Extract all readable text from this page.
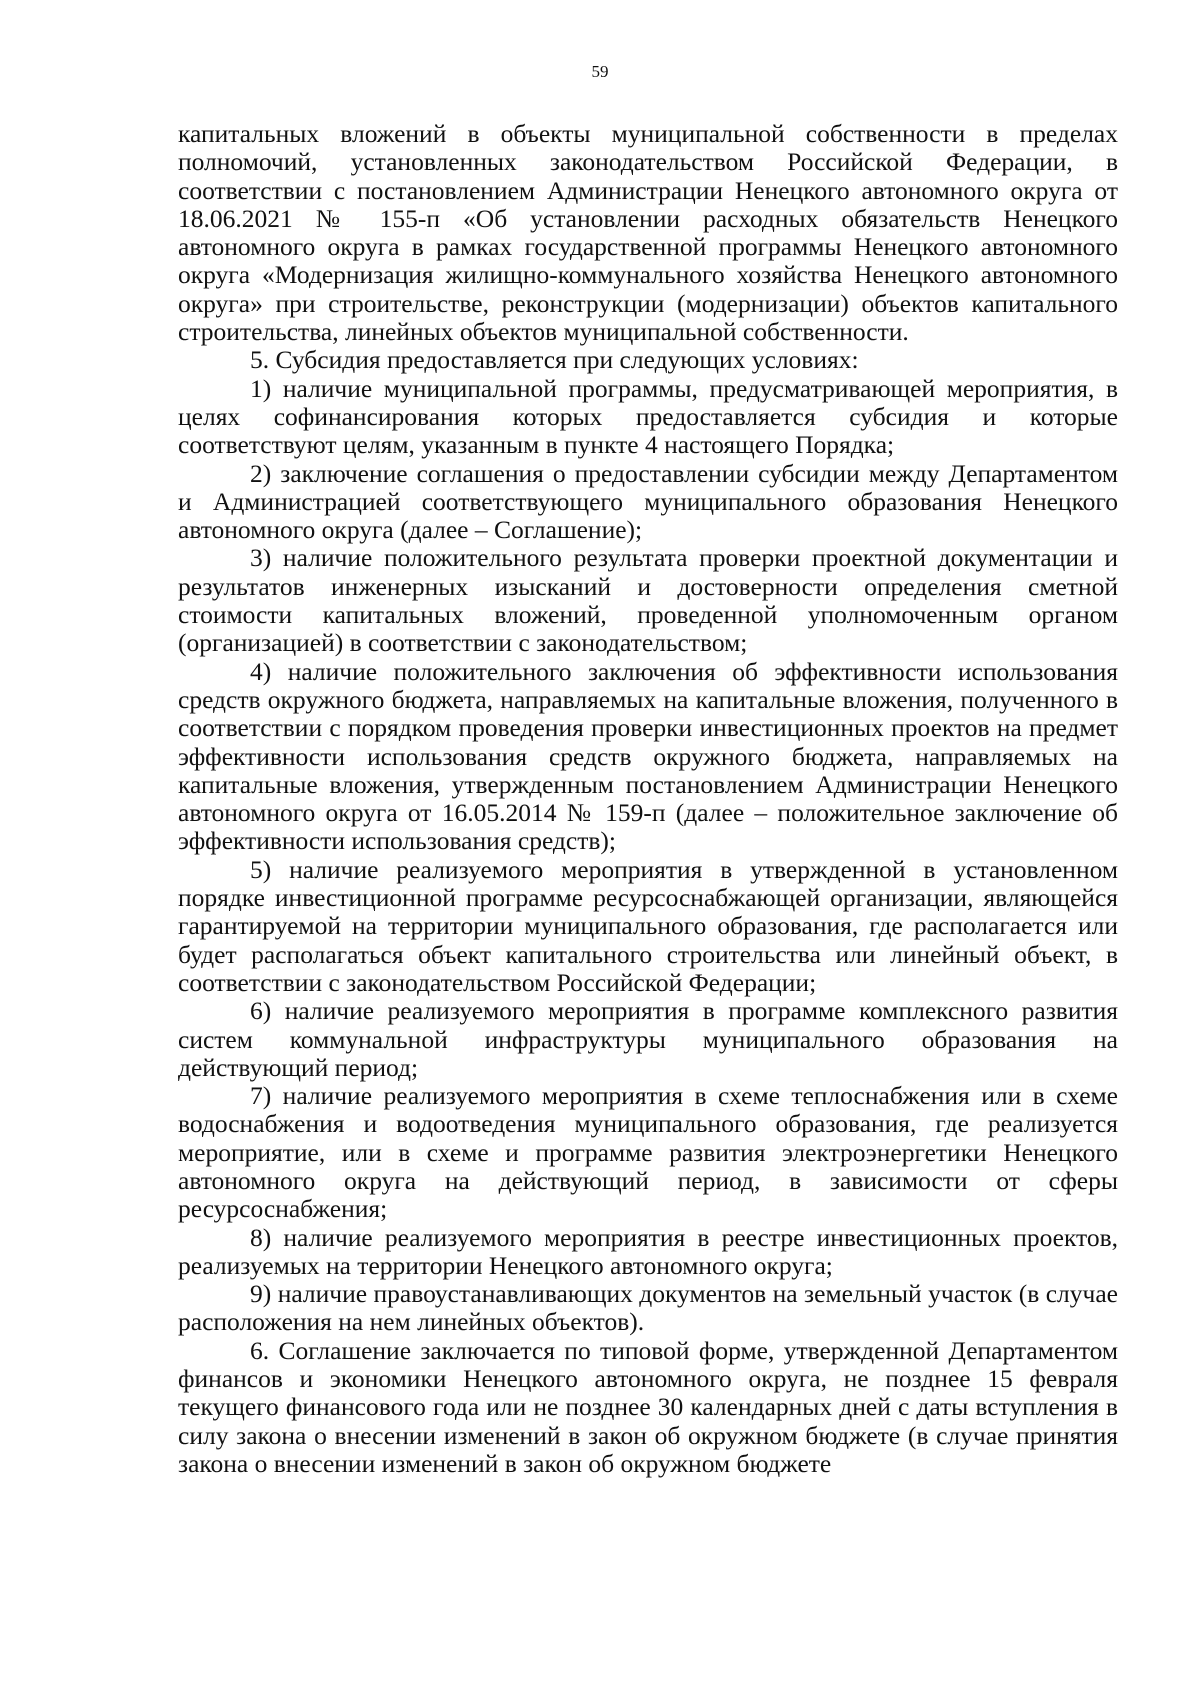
59

капитальных вложений в объекты муниципальной собственности в пределах полномочий, установленных законодательством Российской Федерации, в соответствии с постановлением Администрации Ненецкого автономного округа от 18.06.2021 № 155-п «Об установлении расходных обязательств Ненецкого автономного округа в рамках государственной программы Ненецкого автономного округа «Модернизация жилищно-коммунального хозяйства Ненецкого автономного округа» при строительстве, реконструкции (модернизации) объектов капитального строительства, линейных объектов муниципальной собственности.

5. Субсидия предоставляется при следующих условиях:

1) наличие муниципальной программы, предусматривающей мероприятия, в целях софинансирования которых предоставляется субсидия и которые соответствуют целям, указанным в пункте 4 настоящего Порядка;

2) заключение соглашения о предоставлении субсидии между Департаментом и Администрацией соответствующего муниципального образования Ненецкого автономного округа (далее – Соглашение);

3) наличие положительного результата проверки проектной документации и результатов инженерных изысканий и достоверности определения сметной стоимости капитальных вложений, проведенной уполномоченным органом (организацией) в соответствии с законодательством;

4) наличие положительного заключения об эффективности использования средств окружного бюджета, направляемых на капитальные вложения, полученного в соответствии с порядком проведения проверки инвестиционных проектов на предмет эффективности использования средств окружного бюджета, направляемых на капитальные вложения, утвержденным постановлением Администрации Ненецкого автономного округа от 16.05.2014 № 159-п (далее – положительное заключение об эффективности использования средств);

5) наличие реализуемого мероприятия в утвержденной в установленном порядке инвестиционной программе ресурсоснабжающей организации, являющейся гарантируемой на территории муниципального образования, где располагается или будет располагаться объект капитального строительства или линейный объект, в соответствии с законодательством Российской Федерации;

6) наличие реализуемого мероприятия в программе комплексного развития систем коммунальной инфраструктуры муниципального образования на действующий период;

7) наличие реализуемого мероприятия в схеме теплоснабжения или в схеме водоснабжения и водоотведения муниципального образования, где реализуется мероприятие, или в схеме и программе развития электроэнергетики Ненецкого автономного округа на действующий период, в зависимости от сферы ресурсоснабжения;

8) наличие реализуемого мероприятия в реестре инвестиционных проектов, реализуемых на территории Ненецкого автономного округа;

9) наличие правоустанавливающих документов на земельный участок (в случае расположения на нем линейных объектов).

6. Соглашение заключается по типовой форме, утвержденной Департаментом финансов и экономики Ненецкого автономного округа, не позднее 15 февраля текущего финансового года или не позднее 30 календарных дней с даты вступления в силу закона о внесении изменений в закон об окружном бюджете (в случае принятия закона о внесении изменений в закон об окружном бюджете
